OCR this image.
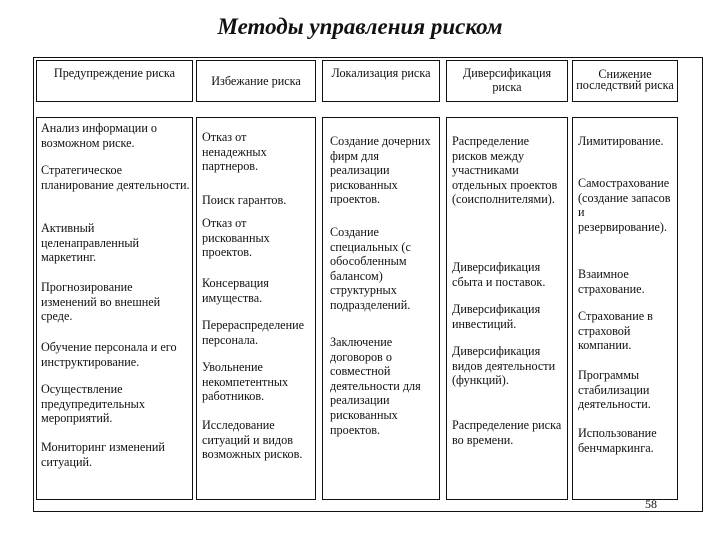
Методы управления риском
Предупреждение риска
Анализ информации о возможном риске.
Стратегическое планирование деятельности.
Активный целенаправленный маркетинг.
Прогнозирование изменений во внешней среде.
Обучение персонала и его инструктирование.
Осуществление предупредительных мероприятий.
Мониторинг изменений ситуаций.
Избежание риска
Отказ от ненадежных партнеров.
Поиск гарантов.
Отказ от рискованных проектов.
Консервация имущества.
Перераспределение персонала.
Увольнение некомпетентных работников.
Исследование ситуаций и видов возможных рисков.
Локализация риска
Создание дочерних фирм для реализации рискованных проектов.
Создание специальных (с обособленным балансом) структурных подразделений.
Заключение договоров о совместной деятельности для реализации рискованных проектов.
Диверсификация риска
Распределение рисков между участниками отдельных проектов (соисполнителями).
Диверсификация сбыта и поставок.
Диверсификация инвестиций.
Диверсификация видов деятельности (функций).
Распределение риска во времени.
Снижение последствий риска
Лимитирование.
Самострахование (создание запасов и резервирование).
Взаимное страхование.
Страхование в страховой компании.
Программы стабилизации деятельности.
Использование бенчмаркинга.
58
